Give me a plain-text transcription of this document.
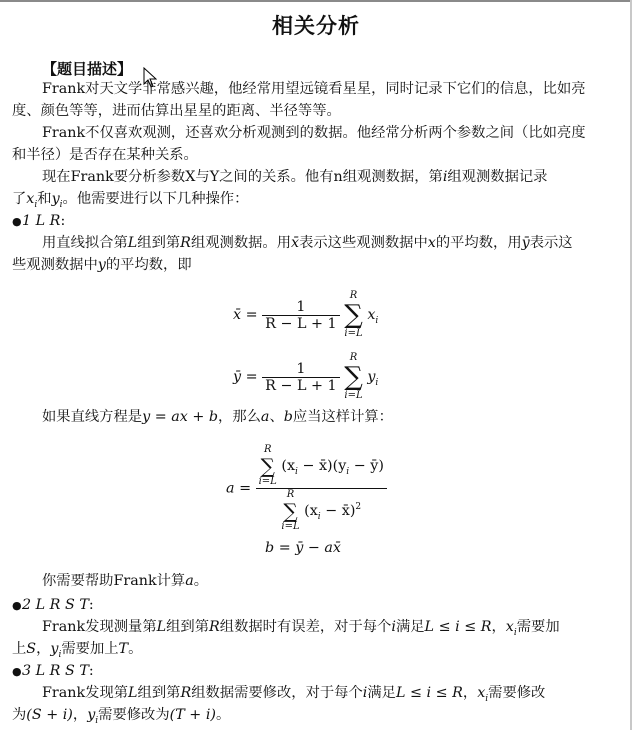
相关分析
【题目描述】
Frank对天文学非常感兴趣，他经常用望远镜看星星，同时记录下它们的信息，比如亮
度、颜色等等，进而估算出星星的距离、半径等等。
Frank不仅喜欢观测，还喜欢分析观测到的数据。他经常分析两个参数之间（比如亮度
和半径）是否存在某种关系。
现在Frank要分析参数X与Y之间的关系。他有n组观测数据，第i组观测数据记录
了$x_i$和$y_i$。他需要进行以下几种操作：
●1 L R:
用直线拟合第L组到第R组观测数据。用x̄表示这些观测数据中x的平均数，用ȳ表示这
些观测数据中y的平均数，即
x̄ = $\frac{1}{R - L + 1}$

R
∑
i=L
$x_i$
ȳ = $\frac{1}{R - L + 1}$

R
∑
i=L
$y_i$
如果直线方程是y = ax + b，那么a、b应当这样计算：
a = R
∑
i=L
($x_i$ − $x̄)(y_i$ − ȳ)
R
∑
i=L
($x_i$ − x̄)$^2$
b = ȳ − ax̄
你需要帮助Frank计算a。
●2 L R S T:
Frank发现测量第L组到第R组数据时有误差，对于每个i满足L ≤ i ≤ R，$x_i$需要加
上S，$y_i$需要加上T。
●3 L R S T:
Frank发现第L组到第R组数据需要修改，对于每个i满足L ≤ i ≤ R，$x_i$需要修改
为(S + i)，$y_i$需要修改为(T + i)。
